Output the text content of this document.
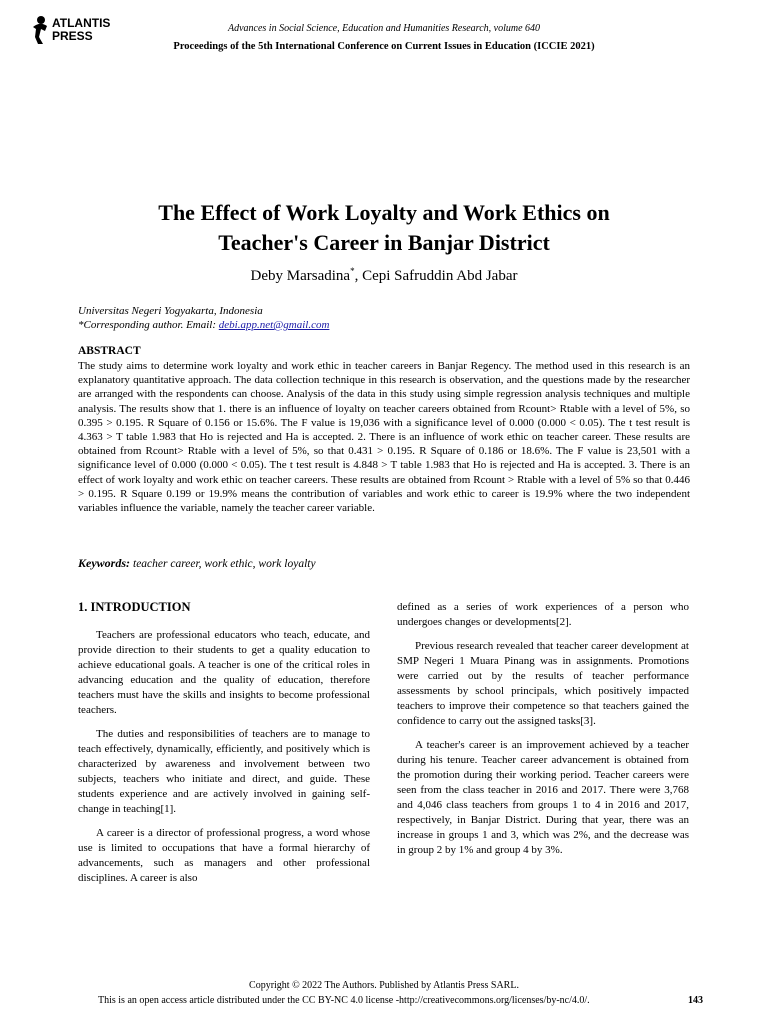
ATLANTIS
PRESS
Advances in Social Science, Education and Humanities Research, volume 640
Proceedings of the 5th International Conference on Current Issues in Education (ICCIE 2021)
The Effect of Work Loyalty and Work Ethics on
Teacher's Career in Banjar District
Deby Marsadina*, Cepi Safruddin Abd Jabar
Universitas Negeri Yogyakarta, Indonesia
*Corresponding author. Email: debi.app.net@gmail.com
ABSTRACT

The study aims to determine work loyalty and work ethic in teacher careers in Banjar Regency. The method used in this research is an explanatory quantitative approach. The data collection technique in this research is observation, and the questions made by the researcher are arranged with the respondents can choose. Analysis of the data in this study using simple regression analysis techniques and multiple analysis. The results show that 1. there is an influence of loyalty on teacher careers obtained from Rcount> Rtable with a level of 5%, so 0.395 > 0.195. R Square of 0.156 or 15.6%. The F value is 19,036 with a significance level of 0.000 (0.000 < 0.05). The t test result is 4.363 > T table 1.983 that Ho is rejected and Ha is accepted. 2. There is an influence of work ethic on teacher career. These results are obtained from Rcount> Rtable with a level of 5%, so that 0.431 > 0.195. R Square of 0.186 or 18.6%. The F value is 23,501 with a significance level of 0.000 (0.000 < 0.05). The t test result is 4.848 > T table 1.983 that Ho is rejected and Ha is accepted. 3. There is an effect of work loyalty and work ethic on teacher careers. These results are obtained from Rcount > Rtable with a level of 5% so that 0.446 > 0.195. R Square 0.199 or 19.9% means the contribution of variables and work ethic to career is 19.9% where the two independent variables influence the variable, namely the teacher career variable.

Keywords: teacher career, work ethic, work loyalty
1. INTRODUCTION

Teachers are professional educators who teach, educate, and provide direction to their students to get a quality education to achieve educational goals. A teacher is one of the critical roles in advancing education and the quality of education, therefore teachers must have the skills and insights to become professional teachers.

The duties and responsibilities of teachers are to manage to teach effectively, dynamically, efficiently, and positively which is characterized by awareness and involvement between two subjects, teachers who initiate and direct, and guide. These students experience and are actively involved in gaining self-change in teaching[1].

A career is a director of professional progress, a word whose use is limited to occupations that have a formal hierarchy of advancements, such as managers and other professional disciplines. A career is also

defined as a series of work experiences of a person who undergoes changes or developments[2].

Previous research revealed that teacher career development at SMP Negeri 1 Muara Pinang was in assignments. Promotions were carried out by the results of teacher performance assessments by school principals, which positively impacted teachers to improve their competence so that teachers gained the confidence to carry out the assigned tasks[3].

A teacher's career is an improvement achieved by a teacher during his tenure. Teacher career advancement is obtained from the promotion during their working period. Teacher careers were seen from the class teacher in 2016 and 2017. There were 3,768 and 4,046 class teachers from groups 1 to 4 in 2016 and 2017, respectively, in Banjar District. During that year, there was an increase in groups 1 and 3, which was 2%, and the decrease was in group 2 by 1% and group 4 by 3%.

Copyright © 2022 The Authors. Published by Atlantis Press SARL.
This is an open access article distributed under the CC BY-NC 4.0 license -http://creativecommons.org/licenses/by-nc/4.0/.	143
